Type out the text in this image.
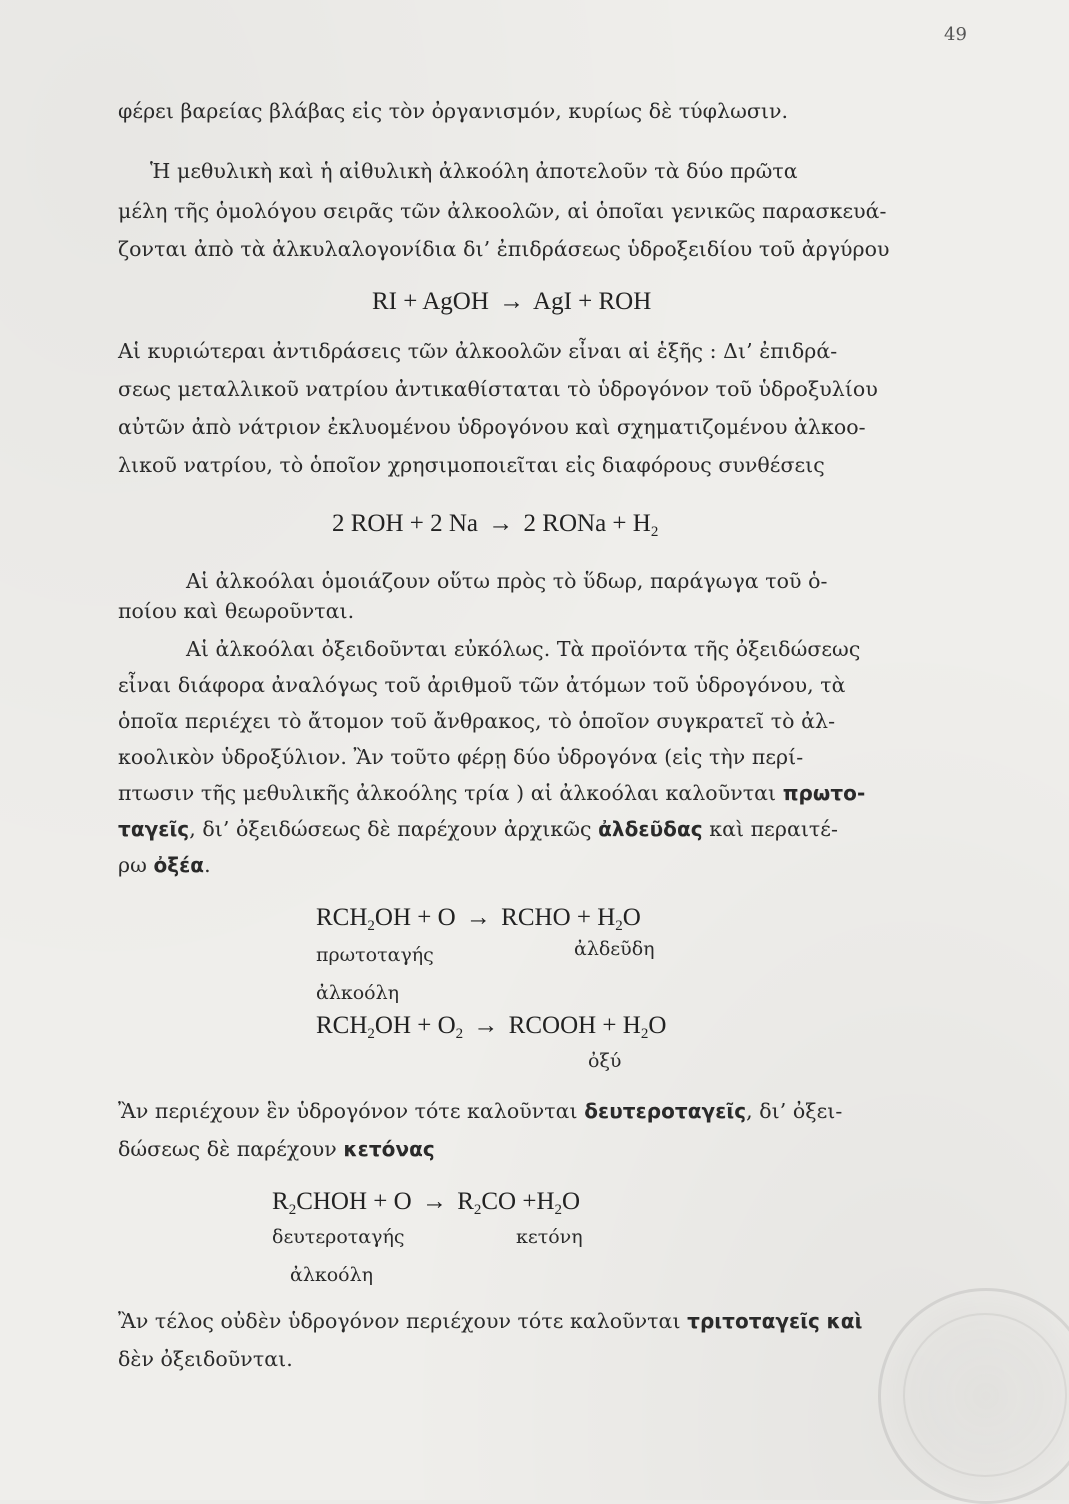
49
φέρει βαρείας βλάβας εἰς τὸν ὀργανισμόν, κυρίως δὲ τύφλωσιν.
Ἡ μεθυλικὴ καὶ ἡ αἰθυλικὴ ἀλκοόλη ἀποτελοῦν τὰ δύο πρῶτα
μέλη τῆς ὁμολόγου σειρᾶς τῶν ἀλκοολῶν, αἱ ὁποῖαι γενικῶς παρασκευά-
ζονται ἀπὸ τὰ ἀλκυλαλογονίδια δι’ ἐπιδράσεως ὑδροξειδίου τοῦ ἀργύρου
RI + AgOH → AgI + ROH
Αἱ κυριώτεραι ἀντιδράσεις τῶν ἀλκοολῶν εἶναι αἱ ἑξῆς : Δι’ ἐπιδρά-
σεως μεταλλικοῦ νατρίου ἀντικαθίσταται τὸ ὑδρογόνον τοῦ ὑδροξυλίου
αὐτῶν ἀπὸ νάτριον ἐκλυομένου ὑδρογόνου καὶ σχηματιζομένου ἀλκοο-
λικοῦ νατρίου, τὸ ὁποῖον χρησιμοποιεῖται εἰς διαφόρους συνθέσεις
2 ROH + 2 Na → 2 RONa + $H_2$
Αἱ ἀλκοόλαι ὁμοιάζουν οὕτω πρὸς τὸ ὕδωρ, παράγωγα τοῦ ὁ-
ποίου καὶ θεωροῦνται.
Αἱ ἀλκοόλαι ὀξειδοῦνται εὐκόλως. Τὰ προϊόντα τῆς ὀξειδώσεως
εἶναι διάφορα ἀναλόγως τοῦ ἀριθμοῦ τῶν ἀτόμων τοῦ ὑδρογόνου, τὰ
ὁποῖα περιέχει τὸ ἄτομον τοῦ ἄνθρακος, τὸ ὁποῖον συγκρατεῖ τὸ ἀλ-
κοολικὸν ὑδροξύλιον. Ἂν τοῦτο φέρῃ δύο ὑδρογόνα (εἰς τὴν περί-
πτωσιν τῆς μεθυλικῆς ἀλκοόλης τρία ) αἱ ἀλκοόλαι καλοῦνται πρωτο-
ταγεῖς, δι’ ὀξειδώσεως δὲ παρέχουν ἀρχικῶς ἀλδεῦδας καὶ περαιτέ-
ρω ὀξέα.
$RCH_2OH + O$ → RCHO + $H_2O$
πρωτοταγής	ἀλδεῦδη
ἀλκοόλη
$RCH_2OH + O_2$ → RCOOH + $H_2O$
ὀξύ
Ἂν περιέχουν ἓν ὑδρογόνον τότε καλοῦνται δευτεροταγεῖς, δι’ ὀξει-
δώσεως δὲ παρέχουν κετόνας
$R_2CHOH + O \to R_2CO +H_2O$
δευτεροταγής	κετόνη
ἀλκοόλη
Ἂν τέλος οὐδὲν ὑδρογόνον περιέχουν τότε καλοῦνται τριτοταγεῖς καὶ
δὲν ὀξειδοῦνται.
